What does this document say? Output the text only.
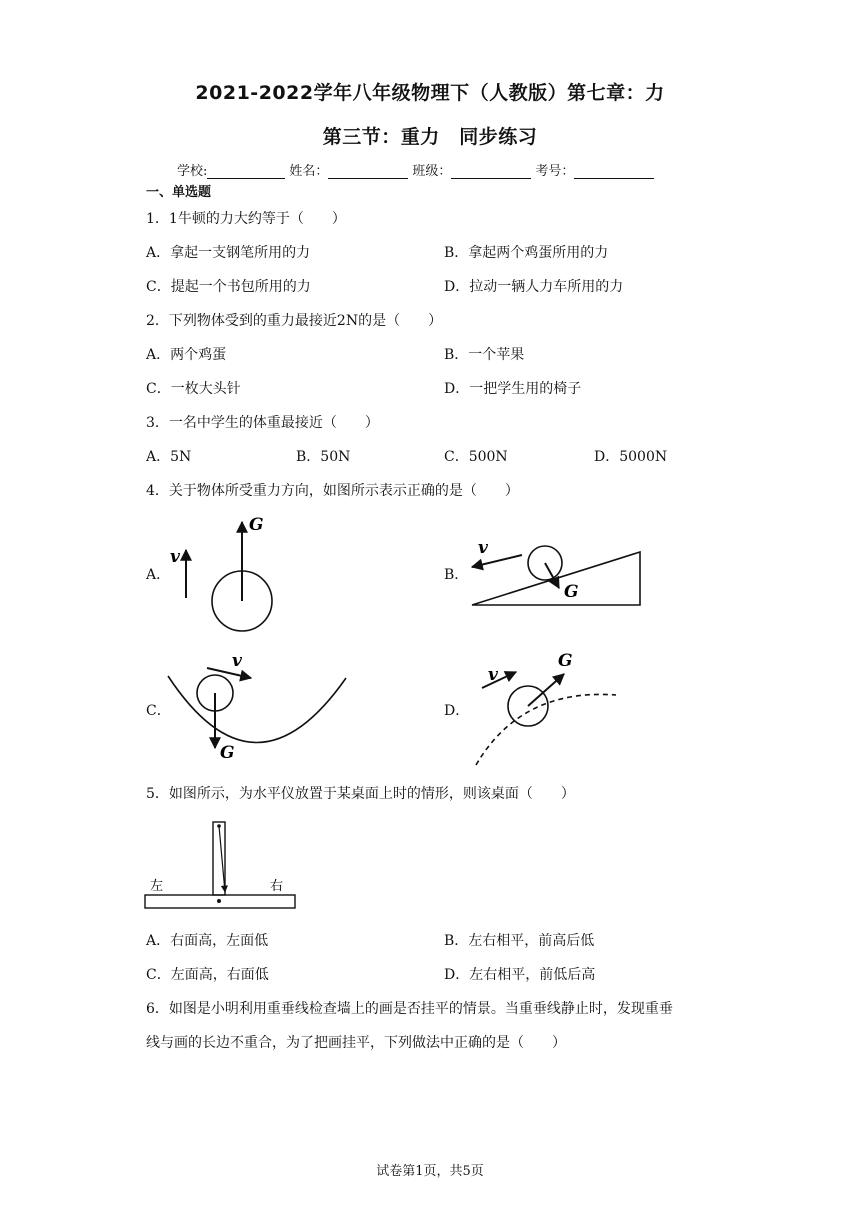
2021-2022学年八年级物理下（人教版）第七章：力
第三节：重力　同步练习
学校:	姓名：	班级：	考号：
一、单选题
1．1牛顿的力大约等于（　　）
A．拿起一支钢笔所用的力	B．拿起两个鸡蛋所用的力
C．提起一个书包所用的力	D．拉动一辆人力车所用的力
2．下列物体受到的重力最接近2N的是（　　）
A．两个鸡蛋	B．一个苹果
C．一枚大头针	D．一把学生用的椅子
3．一名中学生的体重最接近（　　）
A．5N	B．50N	C．500N	D．5000N
4．关于物体所受重力方向，如图所示表示正确的是（　　）
A．
v
G
B．
v
G
C．
v
G
D．
v
G
5．如图所示，为水平仪放置于某桌面上时的情形，则该桌面（　　）
左	右
A．右面高，左面低	B．左右相平，前高后低
C．左面高，右面低	D．左右相平，前低后高
6．如图是小明利用重垂线检查墙上的画是否挂平的情景。当重垂线静止时，发现重垂
线与画的长边不重合，为了把画挂平，下列做法中正确的是（　　）
试卷第1页，共5页
